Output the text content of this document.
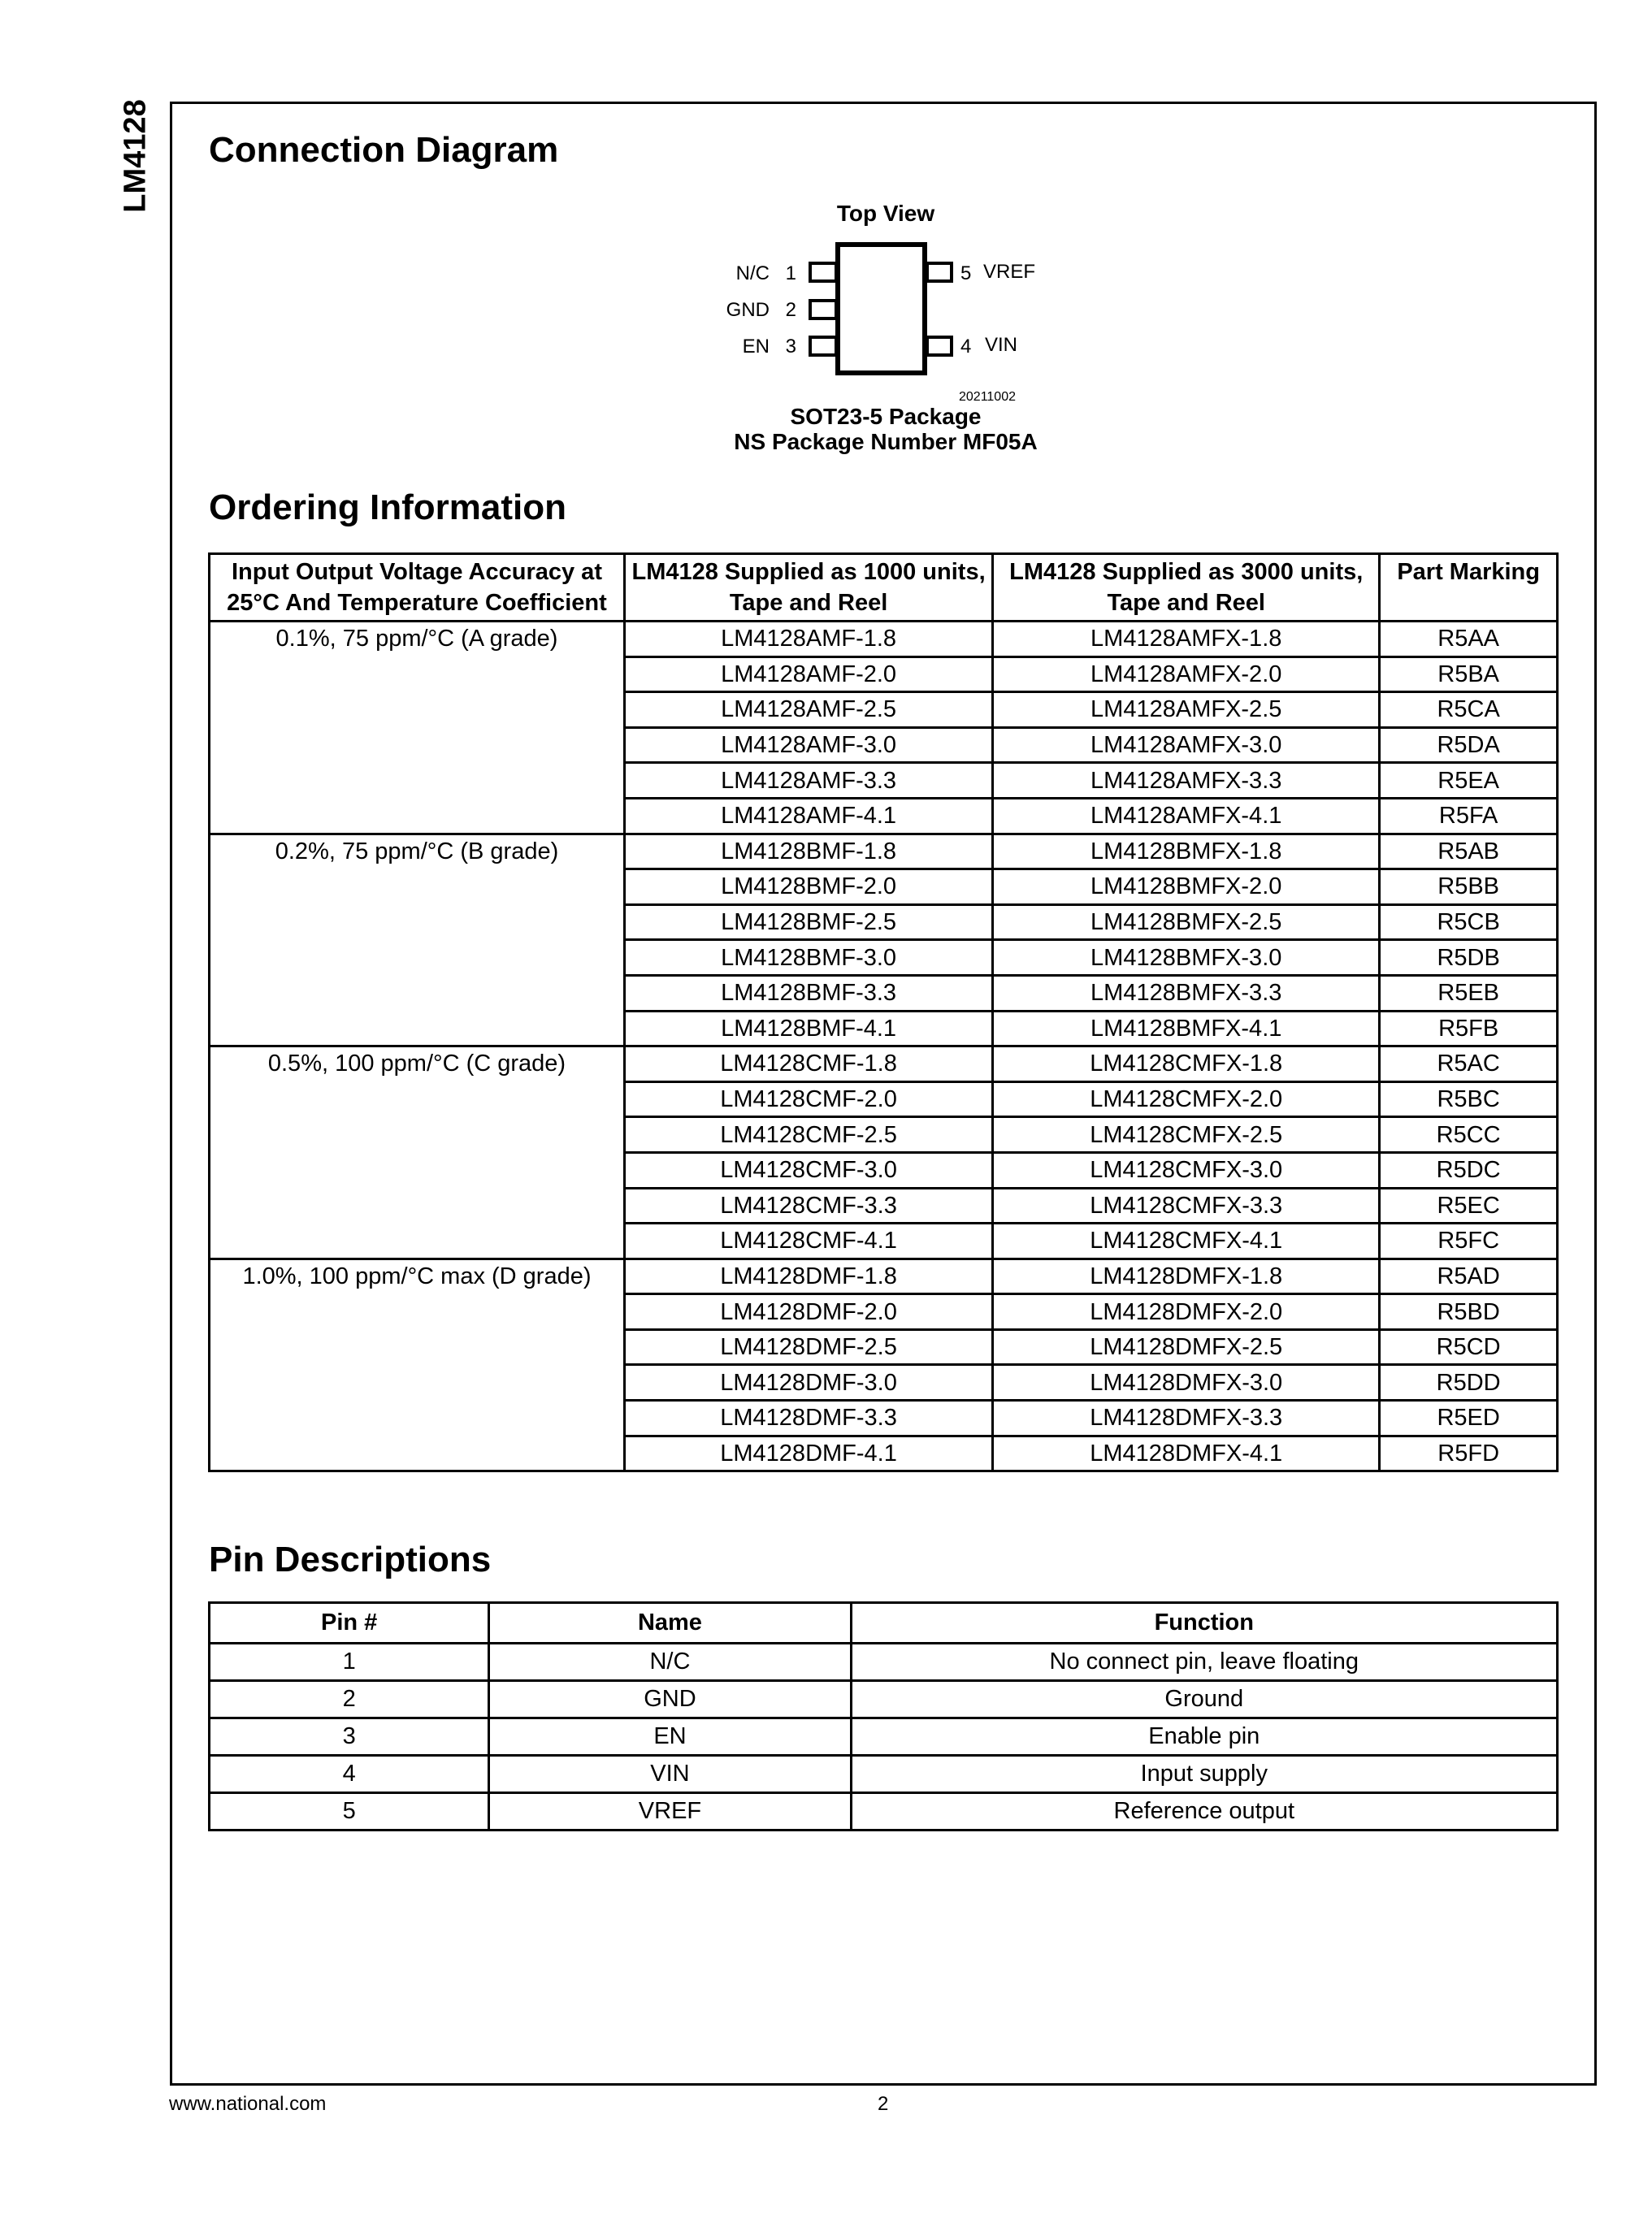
LM4128 Connection Diagram
Top View
N/C 1
GND 2
EN 3
5 VREF
4 VIN
20211002
SOT23-5 Package
NS Package Number MF05A
Ordering Information
Input Output Voltage Accuracy at 25°C And Temperature Coefficient	LM4128 Supplied as 1000 units, Tape and Reel	LM4128 Supplied as 3000 units, Tape and Reel	Part Marking
0.1%, 75 ppm/°C (A grade)	LM4128AMF-1.8	LM4128AMFX-1.8	R5AA
	LM4128AMF-2.0	LM4128AMFX-2.0	R5BA
	LM4128AMF-2.5	LM4128AMFX-2.5	R5CA
	LM4128AMF-3.0	LM4128AMFX-3.0	R5DA
	LM4128AMF-3.3	LM4128AMFX-3.3	R5EA
	LM4128AMF-4.1	LM4128AMFX-4.1	R5FA
0.2%, 75 ppm/°C (B grade)	LM4128BMF-1.8	LM4128BMFX-1.8	R5AB
	LM4128BMF-2.0	LM4128BMFX-2.0	R5BB
	LM4128BMF-2.5	LM4128BMFX-2.5	R5CB
	LM4128BMF-3.0	LM4128BMFX-3.0	R5DB
	LM4128BMF-3.3	LM4128BMFX-3.3	R5EB
	LM4128BMF-4.1	LM4128BMFX-4.1	R5FB
0.5%, 100 ppm/°C (C grade)	LM4128CMF-1.8	LM4128CMFX-1.8	R5AC
	LM4128CMF-2.0	LM4128CMFX-2.0	R5BC
	LM4128CMF-2.5	LM4128CMFX-2.5	R5CC
	LM4128CMF-3.0	LM4128CMFX-3.0	R5DC
	LM4128CMF-3.3	LM4128CMFX-3.3	R5EC
	LM4128CMF-4.1	LM4128CMFX-4.1	R5FC
1.0%, 100 ppm/°C max (D grade)	LM4128DMF-1.8	LM4128DMFX-1.8	R5AD
	LM4128DMF-2.0	LM4128DMFX-2.0	R5BD
	LM4128DMF-2.5	LM4128DMFX-2.5	R5CD
	LM4128DMF-3.0	LM4128DMFX-3.0	R5DD
	LM4128DMF-3.3	LM4128DMFX-3.3	R5ED
	LM4128DMF-4.1	LM4128DMFX-4.1	R5FD
Pin Descriptions
Pin #	Name	Function
1	N/C	No connect pin, leave floating
2	GND	Ground
3	EN	Enable pin
4	VIN	Input supply
5	VREF	Reference output
www.national.com	2
